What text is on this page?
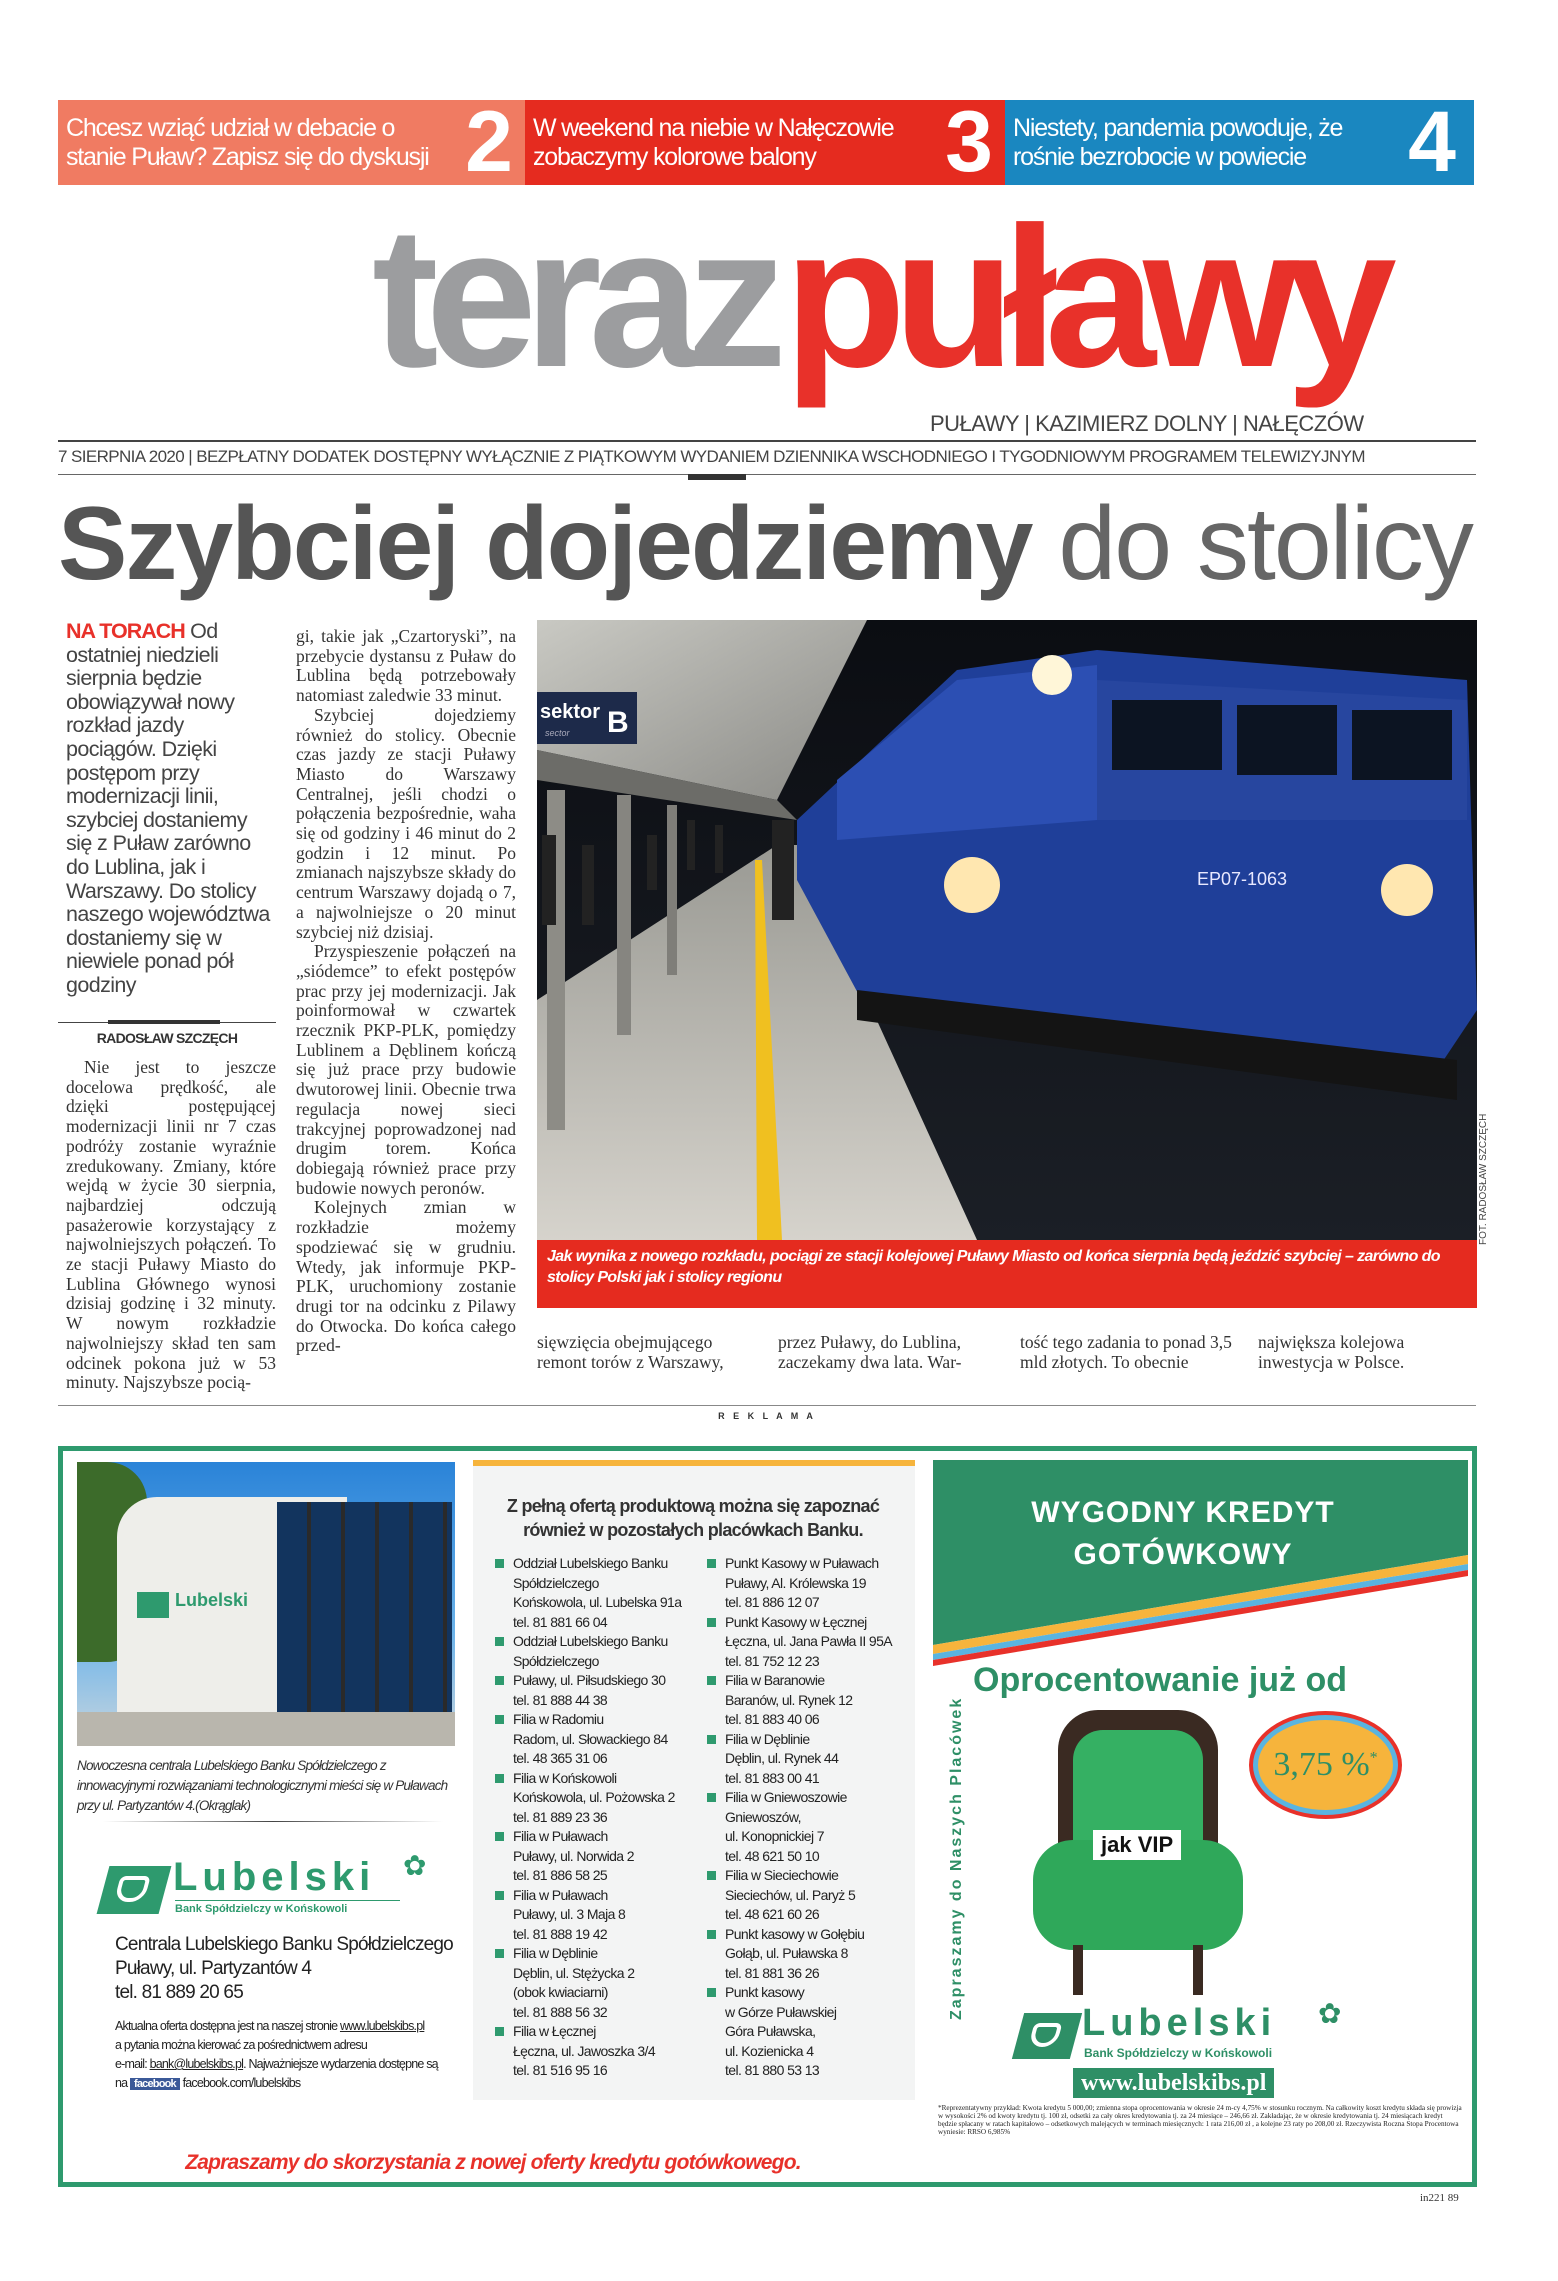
Chcesz wziąć udział w debacie o stanie Puław? Zapisz się do dyskusji 2 W weekend na niebie w Nałęczowie zobaczymy kolorowe balony	3 Niestety, pandemia powoduje, że rośnie bezrobocie w powiecie	4
terazpuławy
PUŁAWY | KAZIMIERZ DOLNY | NAŁĘCZÓW
7 SIERPNIA 2020 | BEZPŁATNY DODATEK DOSTĘPNY WYŁĄCZNIE Z PIĄTKOWYM WYDANIEM DZIENNIKA WSCHODNIEGO I TYGODNIOWYM PROGRAMEM TELEWIZYJNYM
Szybciej dojedziemy do stolicy
NA TORACH Od ostatniej niedzieli sierpnia będzie obowiązywał nowy rozkład jazdy pociągów. Dzięki postępom przy modernizacji linii, szybciej dostaniemy się z Puław zarówno do Lublina, jak i Warszawy. Do stolicy naszego województwa dostaniemy się w niewiele ponad pół godziny
RADOSŁAW SZCZĘCH

Nie jest to jeszcze docelowa prędkość, ale dzięki postępującej modernizacji linii nr 7 czas podróży zostanie wyraźnie zredukowany. Zmiany, które wejdą w życie 30 sierpnia, najbardziej odczują pasażerowie korzystający z najwolniejszych połączeń. To ze stacji Puławy Miasto do Lublina Głównego wynosi dzisiaj godzinę i 32 minuty. W nowym rozkładzie najwolniejszy skład ten sam odcinek pokona już w 53 minuty. Najszybsze pocią-

gi, takie jak „Czartoryski”, na przebycie dystansu z Puław do Lublina będą potrzebowały natomiast zaledwie 33 minut.

Szybciej dojedziemy również do stolicy. Obecnie czas jazdy ze stacji Puławy Miasto do Warszawy Centralnej, jeśli chodzi o połączenia bezpośrednie, waha się od godziny i 46 minut do 2 godzin i 12 minut. Po zmianach najszybsze składy do centrum Warszawy dojadą o 7, a najwolniejsze o 20 minut szybciej niż dzisiaj.

Przyspieszenie połączeń na „siódemce” to efekt postępów prac przy jej modernizacji. Jak poinformował w czwartek rzecznik PKP-PLK, pomiędzy Lublinem a Dęblinem kończą się już prace przy budowie dwutorowej linii. Obecnie trwa regulacja nowej sieci trakcyjnej poprowadzonej nad drugim torem. Końca dobiegają również prace przy budowie nowych peronów.

Kolejnych zmian w rozkładzie możemy spodziewać się w grudniu. Wtedy, jak informuje PKP-PLK, uruchomiony zostanie drugi tor na odcinku z Pilawy do Otwocka. Do końca całego przed-

sektor
sector B
EP07-1063
Jak wynika z nowego rozkładu, pociągi ze stacji kolejowej Puławy Miasto od końca sierpnia będą jeździć szybciej – zarówno do stolicy Polski jak i stolicy regionu
FOT. RADOSŁAW SZCZĘCH
sięwzięcia obejmującego remont torów z Warszawy,
przez Puławy, do Lublina, zaczekamy dwa lata. War-
tość tego zadania to ponad 3,5 mld złotych. To obecnie
największa kolejowa inwestycja w Polsce.
R E K L A M A
Lubelski
Nowoczesna centrala Lubelskiego Banku Spółdzielczego z innowacyjnymi rozwiązaniami technologicznymi mieści się w Puławach przy ul. Partyzantów 4.(Okrąglak)
Lubelski ✿
Bank Spółdzielczy w Końskowoli
Centrala Lubelskiego Banku Spółdzielczego
Puławy, ul. Partyzantów 4
tel. 81 889 20 65
Aktualna oferta dostępna jest na naszej stronie www.lubelskibs.pl
a pytania można kierować za pośrednictwem adresu
e-mail: bank@lubelskibs.pl. Najważniejsze wydarzenia dostępne są
na facebook facebook.com/lubelskibs
Zapraszamy do skorzystania z nowej oferty kredytu gotówkowego.
Z pełną ofertą produktową można się zapoznać również w pozostałych placówkach Banku.
Oddział Lubelskiego Banku
Spółdzielczego
Końskowola, ul. Lubelska 91a
tel. 81 881 66 04
Oddział Lubelskiego Banku
Spółdzielczego
Puławy, ul. Piłsudskiego 30
tel. 81 888 44 38
Filia w Radomiu
Radom, ul. Słowackiego 84
tel. 48 365 31 06
Filia w Końskowoli
Końskowola, ul. Pożowska 2
tel. 81 889 23 36
Filia w Puławach
Puławy, ul. Norwida 2
tel. 81 886 58 25
Filia w Puławach
Puławy, ul. 3 Maja 8
tel. 81 888 19 42
Filia w Dęblinie
Dęblin, ul. Stężycka 2
(obok kwiaciarni)
tel. 81 888 56 32
Filia w Łęcznej
Łęczna, ul. Jawoszka 3/4
tel. 81 516 95 16
Punkt Kasowy w Puławach
Puławy, Al. Królewska 19
tel. 81 886 12 07
Punkt Kasowy w Łęcznej
Łęczna, ul. Jana Pawła II 95A
tel. 81 752 12 23
Filia w Baranowie
Baranów, ul. Rynek 12
tel. 81 883 40 06
Filia w Dęblinie
Dęblin, ul. Rynek 44
tel. 81 883 00 41
Filia w Gniewoszowie
Gniewoszów,
ul. Konopnickiej 7
tel. 48 621 50 10
Filia w Sieciechowie
Sieciechów, ul. Paryż 5
tel. 48 621 60 26
Punkt kasowy w Gołębiu
Gołąb, ul. Puławska 8
tel. 81 881 36 26
Punkt kasowy
w Górze Puławskiej
Góra Puławska,
ul. Kozienicka 4
tel. 81 880 53 13
WYGODNY KREDYT
GOTÓWKOWY
Oprocentowanie już od
Zapraszamy do Naszych Placówek	jak VIP
3,75 %*
Lubelski ✿
Bank Spółdzielczy w Końskowoli
www.lubelskibs.pl
*Reprezentatywny przykład: Kwota kredytu 5 000,00; zmienna stopa oprocentowania w okresie 24 m-cy 4,75% w stosunku rocznym. Na całkowity koszt kredytu składa się prowizja w wysokości 2% od kwoty kredytu tj. 100 zł, odsetki za cały okres kredytowania tj. za 24 miesiące – 246,66 zł. Zakładając, że w okresie kredytowania tj. 24 miesiącach kredyt będzie spłacany w ratach kapitałowo – odsetkowych malejących w terminach miesięcznych: 1 rata 216,00 zł , a kolejne 23 raty po 208,00 zł. Rzeczywista Roczna Stopa Procentowa wyniesie: RRSO 6,985%
in221 89
